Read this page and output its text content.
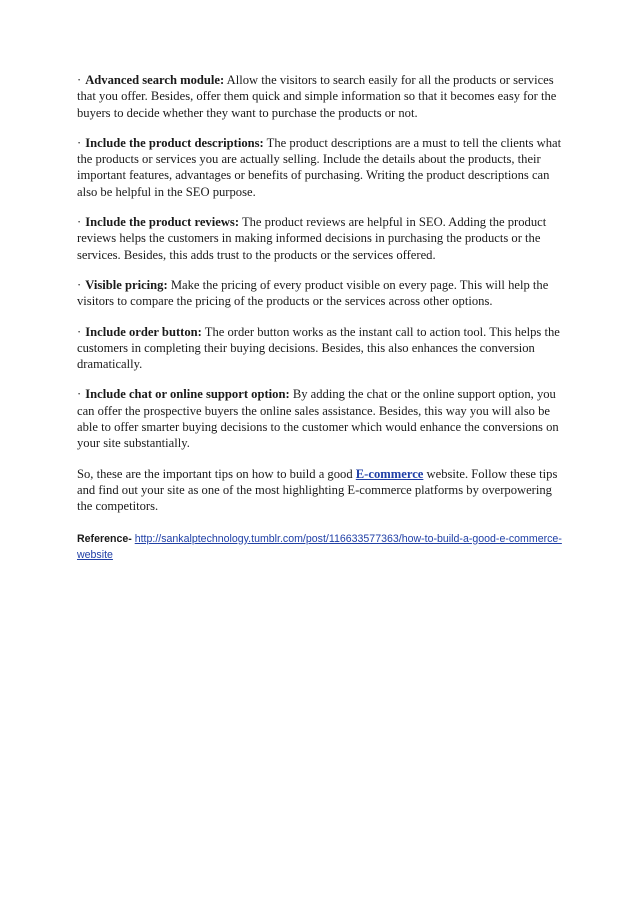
· Advanced search module: Allow the visitors to search easily for all the products or services that you offer. Besides, offer them quick and simple information so that it becomes easy for the buyers to decide whether they want to purchase the products or not.

· Include the product descriptions: The product descriptions are a must to tell the clients what the products or services you are actually selling. Include the details about the products, their important features, advantages or benefits of purchasing. Writing the product descriptions can also be helpful in the SEO purpose.

· Include the product reviews: The product reviews are helpful in SEO. Adding the product reviews helps the customers in making informed decisions in purchasing the products or the services. Besides, this adds trust to the products or the services offered.

· Visible pricing: Make the pricing of every product visible on every page. This will help the visitors to compare the pricing of the products or the services across other options.

· Include order button: The order button works as the instant call to action tool. This helps the customers in completing their buying decisions. Besides, this also enhances the conversion dramatically.

· Include chat or online support option: By adding the chat or the online support option, you can offer the prospective buyers the online sales assistance. Besides, this way you will also be able to offer smarter buying decisions to the customer which would enhance the conversions on your site substantially.

So, these are the important tips on how to build a good E-commerce website. Follow these tips and find out your site as one of the most highlighting E-commerce platforms by overpowering the competitors.

Reference- http://sankalptechnology.tumblr.com/post/116633577363/how-to-build-a-good-e-commerce-website
